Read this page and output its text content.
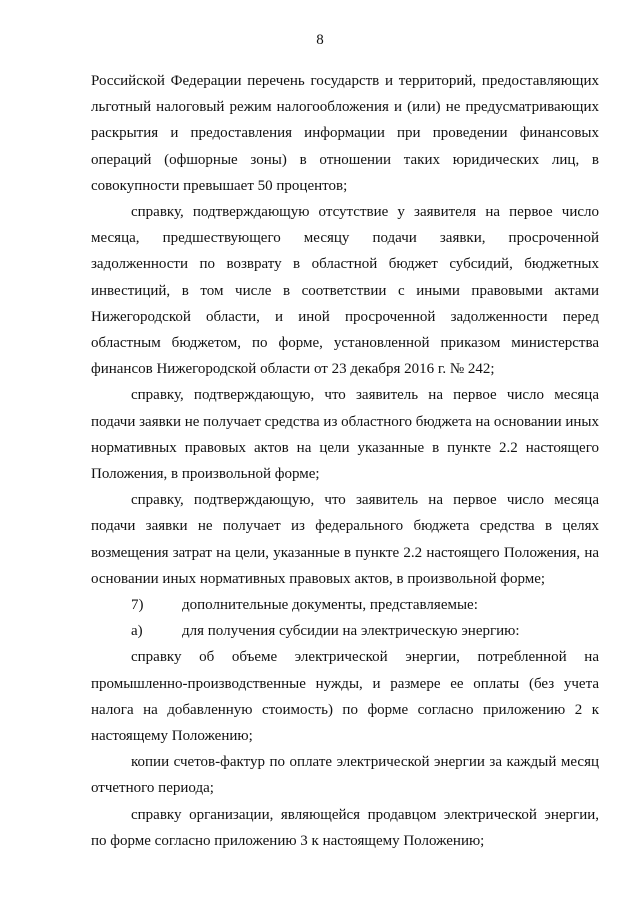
8

Российской Федерации перечень государств и территорий, предоставляющих льготный налоговый режим налогообложения и (или) не предусматривающих раскрытия и предоставления информации при проведении финансовых операций (офшорные зоны) в отношении таких юридических лиц, в совокупности превышает 50 процентов;

справку, подтверждающую отсутствие у заявителя на первое число месяца, предшествующего месяцу подачи заявки, просроченной задолженности по возврату в областной бюджет субсидий, бюджетных инвестиций, в том числе в соответствии с иными правовыми актами Нижегородской области, и иной просроченной задолженности перед областным бюджетом, по форме, установленной приказом министерства финансов Нижегородской области от 23 декабря 2016 г. № 242;

справку, подтверждающую, что заявитель на первое число месяца подачи заявки не получает средства из областного бюджета на основании иных нормативных правовых актов на цели указанные в пункте 2.2 настоящего Положения, в произвольной форме;

справку, подтверждающую, что заявитель на первое число месяца подачи заявки не получает из федерального бюджета средства в целях возмещения затрат на цели, указанные в пункте 2.2 настоящего Положения, на основании иных нормативных правовых актов, в произвольной форме;

7)	дополнительные документы, представляемые:
а)	для получения субсидии на электрическую энергию:

справку об объеме электрической энергии, потребленной на промышленно-производственные нужды, и размере ее оплаты (без учета налога на добавленную стоимость) по форме согласно приложению 2 к настоящему Положению;

копии счетов-фактур по оплате электрической энергии за каждый месяц отчетного периода;

справку организации, являющейся продавцом электрической энергии, по форме согласно приложению 3 к настоящему Положению;
